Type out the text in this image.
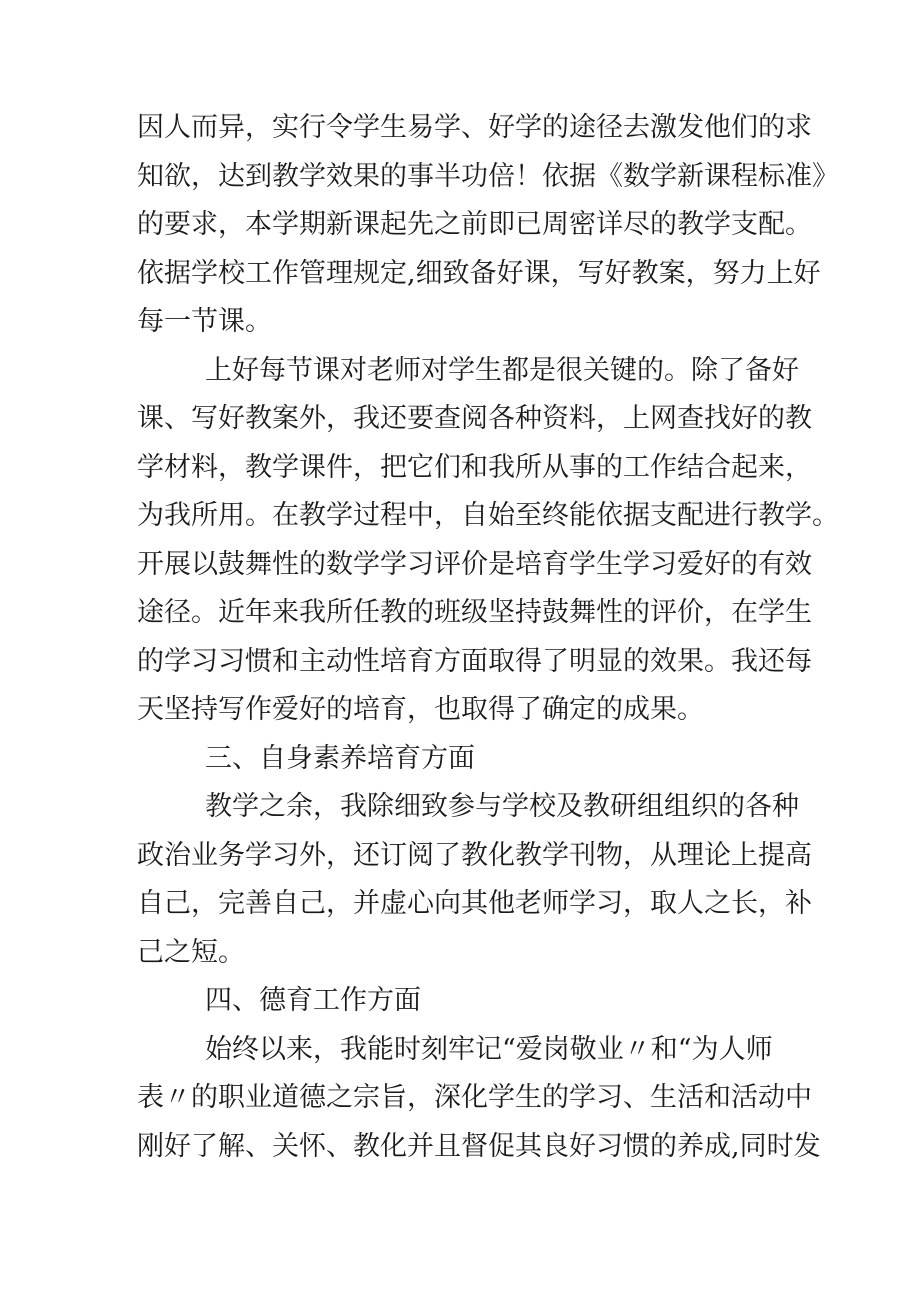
因人而异，实行令学生易学、好学的途径去激发他们的求
知欲，达到教学效果的事半功倍！依据《数学新课程标准》
的要求，本学期新课起先之前即已周密详尽的教学支配。
依据学校工作管理规定,细致备好课，写好教案，努力上好
每一节课。
上好每节课对老师对学生都是很关键的。除了备好
课、写好教案外，我还要查阅各种资料，上网查找好的教
学材料，教学课件，把它们和我所从事的工作结合起来，
为我所用。在教学过程中，自始至终能依据支配进行教学。
开展以鼓舞性的数学学习评价是培育学生学习爱好的有效
途径。近年来我所任教的班级坚持鼓舞性的评价，在学生
的学习习惯和主动性培育方面取得了明显的效果。我还每
天坚持写作爱好的培育，也取得了确定的成果。
三、自身素养培育方面
教学之余，我除细致参与学校及教研组组织的各种
政治业务学习外，还订阅了教化教学刊物，从理论上提高
自己，完善自己，并虚心向其他老师学习，取人之长，补
己之短。
四、德育工作方面
始终以来，我能时刻牢记“爱岗敬业〃和“为人师
表〃的职业道德之宗旨，深化学生的学习、生活和活动中
刚好了解、关怀、教化并且督促其良好习惯的养成,同时发
